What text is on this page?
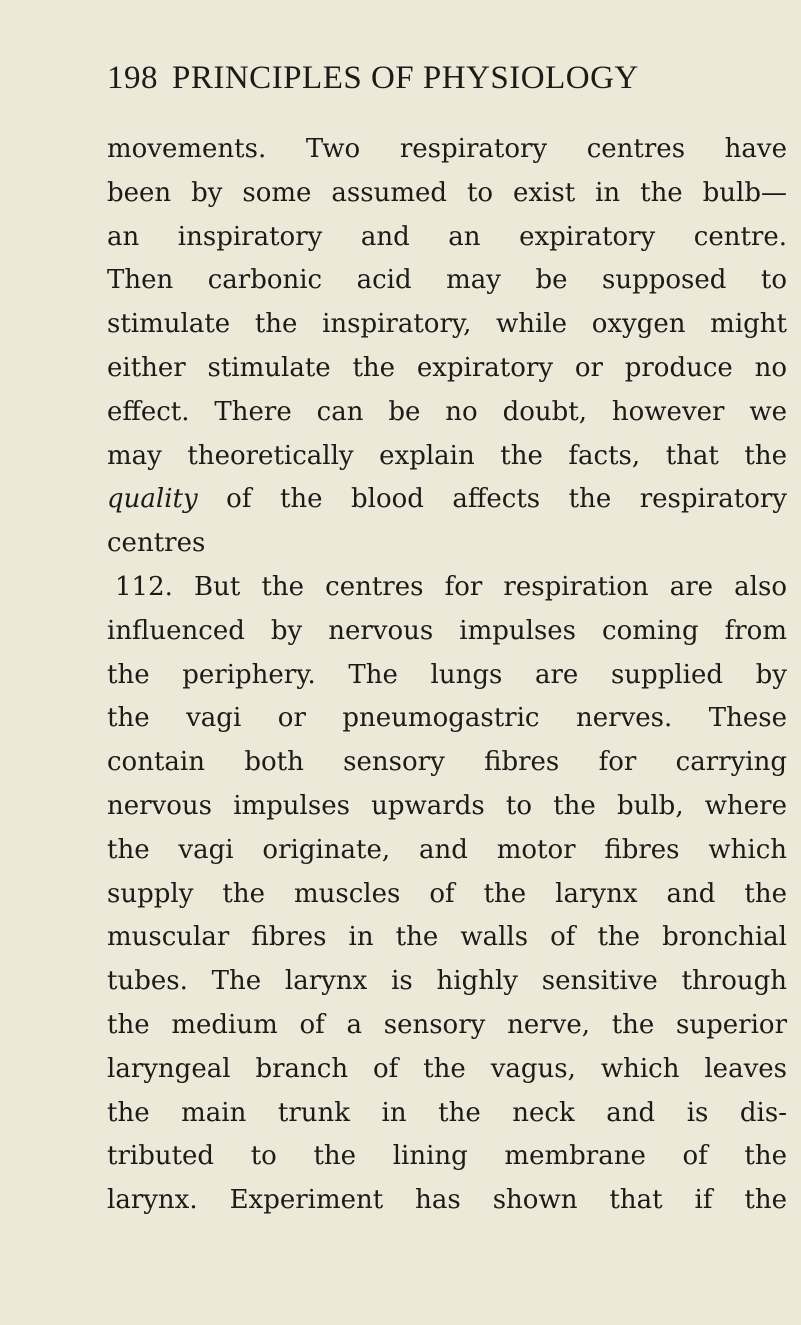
198 PRINCIPLES OF PHYSIOLOGY
movements. Two respiratory centres have
been by some assumed to exist in the bulb—
an inspiratory and an expiratory centre.
Then carbonic acid may be supposed to
stimulate the inspiratory, while oxygen might
either stimulate the expiratory or produce no
effect. There can be no doubt, however we
may theoretically explain the facts, that the
quality of the blood affects the respiratory
centres
112. But the centres for respiration are also
influenced by nervous impulses coming from
the periphery. The lungs are supplied by
the vagi or pneumogastric nerves. These
contain both sensory fibres for carrying
nervous impulses upwards to the bulb, where
the vagi originate, and motor fibres which
supply the muscles of the larynx and the
muscular fibres in the walls of the bronchial
tubes. The larynx is highly sensitive through
the medium of a sensory nerve, the superior
laryngeal branch of the vagus, which leaves
the main trunk in the neck and is dis-
tributed to the lining membrane of the
larynx. Experiment has shown that if the
